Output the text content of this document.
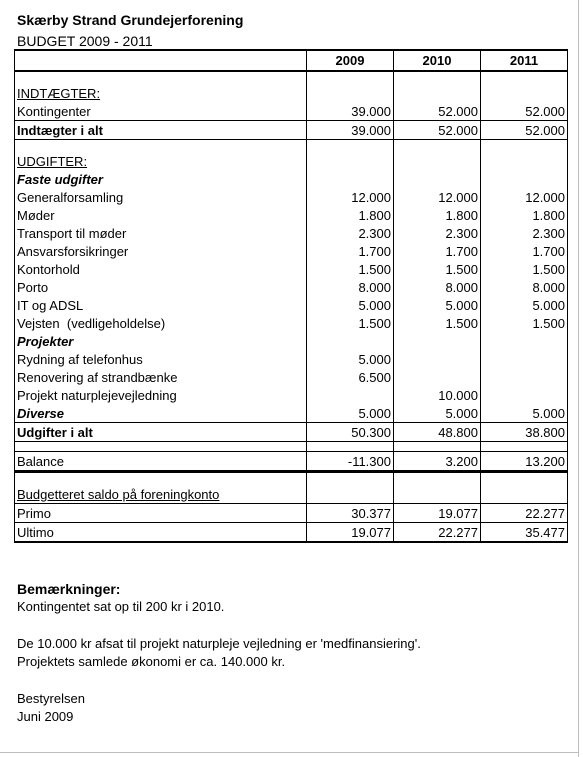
Skærby Strand Grundejerforening
BUDGET 2009 - 2011
	2009	2010	2011

INDTÆGTER:			
Kontingenter	39.000	52.000	52.000
Indtægter i alt	39.000	52.000	52.000

UDGIFTER:			
Faste udgifter			
Generalforsamling	12.000	12.000	12.000
Møder	1.800	1.800	1.800
Transport til møder	2.300	2.300	2.300
Ansvarsforsikringer	1.700	1.700	1.700
Kontorhold	1.500	1.500	1.500
Porto	8.000	8.000	8.000
IT og ADSL	5.000	5.000	5.000
Vejsten  (vedligeholdelse)	1.500	1.500	1.500
Projekter			
Rydning af telefonhus	5.000		
Renovering af strandbænke	6.500		
Projekt naturplejevejledning		10.000	
Diverse	5.000	5.000	5.000
Udgifter i alt	50.300	48.800	38.800

Balance	-11.300	3.200	13.200

Budgetteret saldo på foreningkonto			
Primo	30.377	19.077	22.277
Ultimo	19.077	22.277	35.477
Bemærkninger:
Kontingentet sat op til 200 kr i 2010.
De 10.000 kr afsat til projekt naturpleje vejledning er 'medfinansiering'.
Projektets samlede økonomi er ca. 140.000 kr.
Bestyrelsen
Juni 2009
